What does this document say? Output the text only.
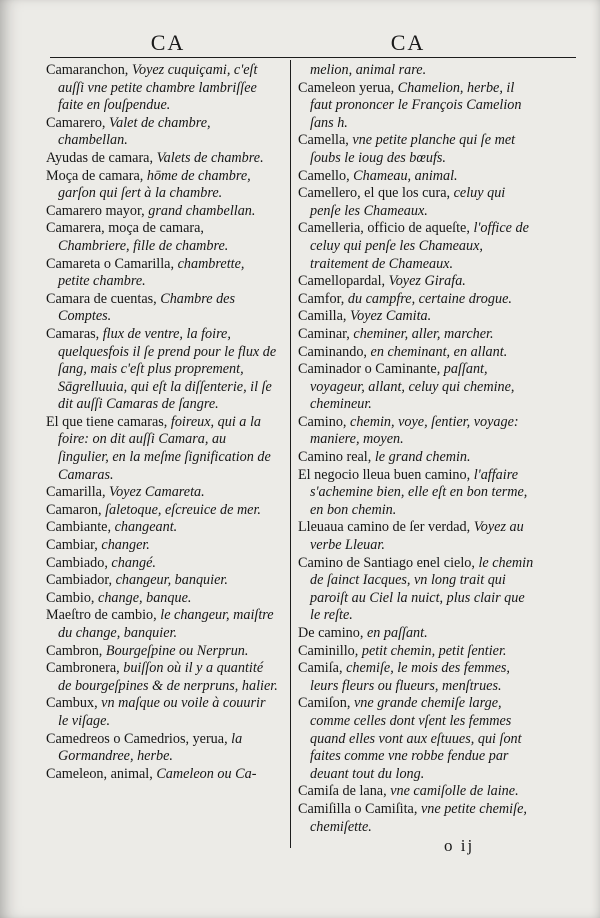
CA	CA

Camaranchon, Voyez cuquiçami, c'eſt auſſi vne petite chambre lambriſſee faite en ſouſpendue.

Camarero, Valet de chambre, chambellan.

Ayudas de camara, Valets de chambre.

Moça de camara, hōme de chambre, garſon qui ſert à la chambre.

Camarero mayor, grand chambellan.

Camarera, moça de camara, Chambriere, fille de chambre.

Camareta o Camarilla, chambrette, petite chambre.

Camara de cuentas, Chambre des Comptes.

Camaras, flux de ventre, la foire, quelquesfois il ſe prend pour le flux de ſang, mais c'eſt plus proprement, Sāgrelluuia, qui eſt la diſſenterie, il ſe dit auſſi Camaras de ſangre.

El que tiene camaras, foireux, qui a la foire: on dit auſſi Camara, au ſingulier, en la meſme ſignification de Camaras.

Camarilla, Voyez Camareta.

Camaron, ſaletoque, eſcreuice de mer.

Cambiante, changeant.

Cambiar, changer.

Cambiado, changé.

Cambiador, changeur, banquier.

Cambio, change, banque.

Maeſtro de cambio, le changeur, maiſtre du change, banquier.

Cambron, Bourgeſpine ou Nerprun.

Cambronera, buiſſon où il y a quantité de bourgeſpines & de nerpruns, halier.

Cambux, vn maſque ou voile à couurir le viſage.

Camedreos o Camedrios, yerua, la Gormandree, herbe.

Cameleon, animal, Cameleon ou Ca-

melion, animal rare.

Cameleon yerua, Chamelion, herbe, il faut prononcer le François Camelion ſans h.

Camella, vne petite planche qui ſe met ſoubs le ioug des bœufs.

Camello, Chameau, animal.

Camellero, el que los cura, celuy qui penſe les Chameaux.

Camelleria, officio de aqueſte, l'office de celuy qui penſe les Chameaux, traitement de Chameaux.

Camellopardal, Voyez Girafa.

Camfor, du campfre, certaine drogue.

Camilla, Voyez Camita.

Caminar, cheminer, aller, marcher.

Caminando, en cheminant, en allant.

Caminador o Caminante, paſſant, voyageur, allant, celuy qui chemine, chemineur.

Camino, chemin, voye, ſentier, voyage: maniere, moyen.

Camino real, le grand chemin.

El negocio lleua buen camino, l'affaire s'achemine bien, elle eſt en bon terme, en bon chemin.

Lleuaua camino de ſer verdad, Voyez au verbe Lleuar.

Camino de Santiago enel cielo, le chemin de ſainct Iacques, vn long trait qui paroiſt au Ciel la nuict, plus clair que le reſte.

De camino, en paſſant.

Caminillo, petit chemin, petit ſentier.

Camiſa, chemiſe, le mois des femmes, leurs fleurs ou flueurs, menſtrues.

Camiſon, vne grande chemiſe large, comme celles dont vſent les femmes quand elles vont aux eſtuues, qui ſont faites comme vne robbe fendue par deuant tout du long.

Camiſa de lana, vne camiſolle de laine.

Camiſilla o Camiſita, vne petite chemiſe, chemiſette.

o ij
